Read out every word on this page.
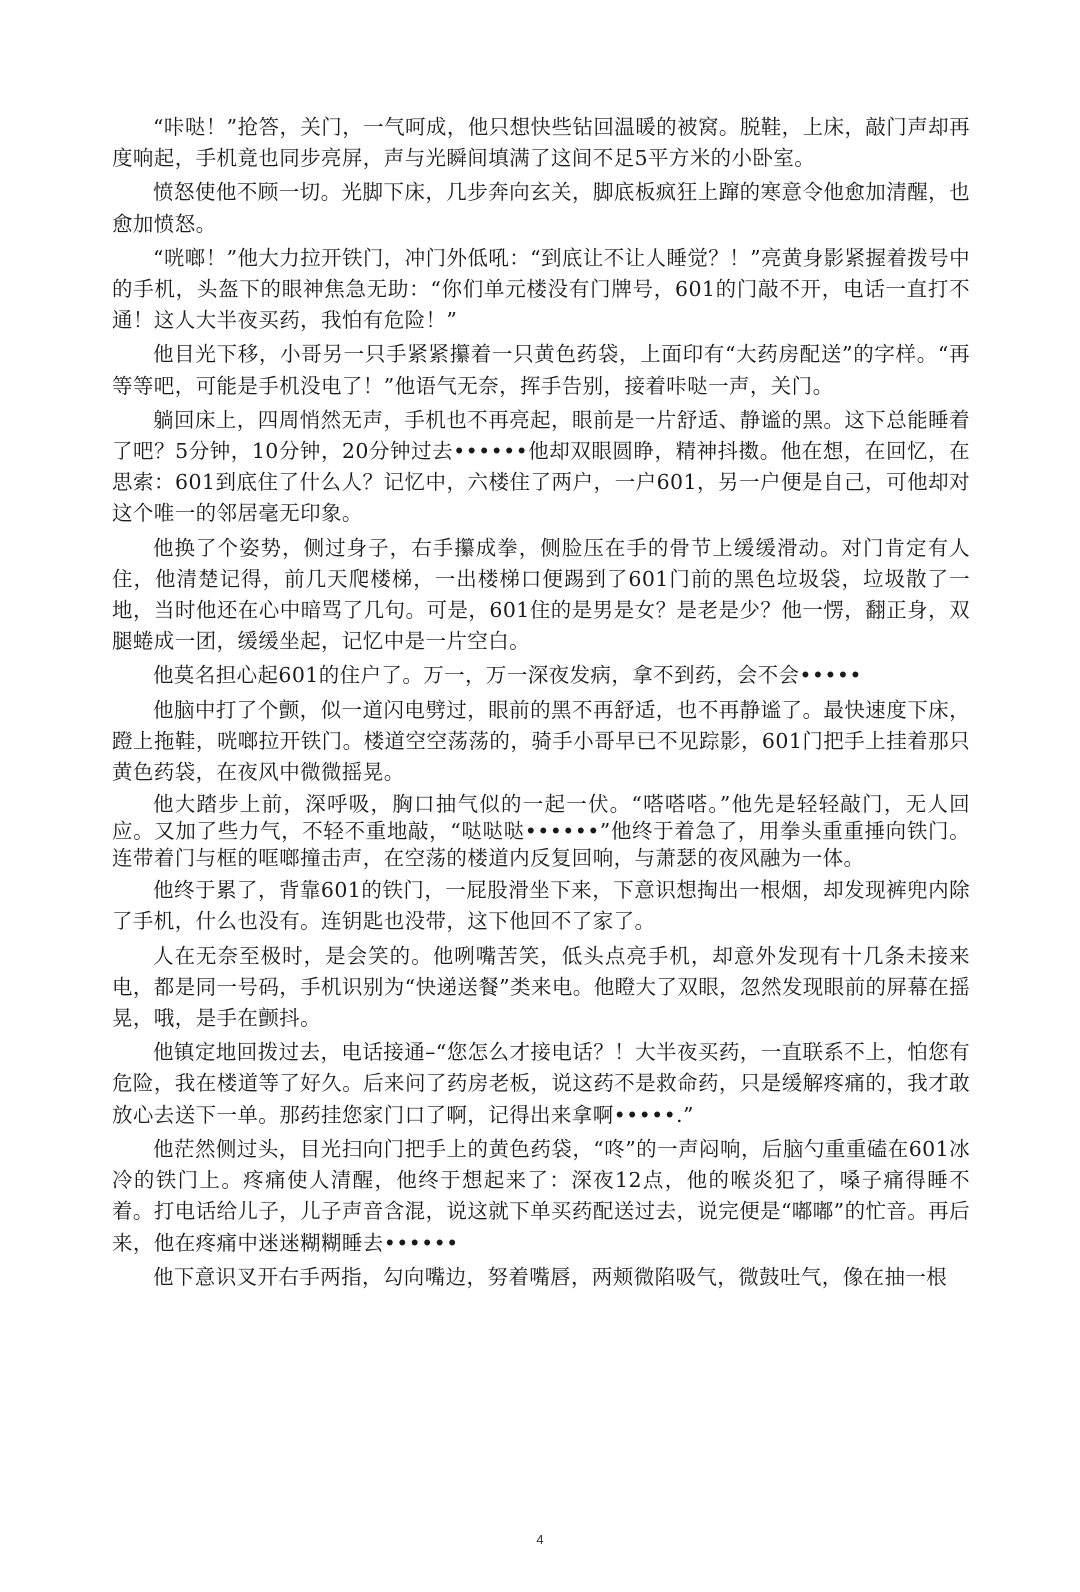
“咔哒！”抢答，关门，一气呵成，他只想快些钻回温暖的被窝。脱鞋，上床，敲门声却再度响起，手机竟也同步亮屏，声与光瞬间填满了这间不足5平方米的小卧室。

愤怒使他不顾一切。光脚下床，几步奔向玄关，脚底板疯狂上蹿的寒意令他愈加清醒，也愈加愤怒。

“咣啷！”他大力拉开铁门，冲门外低吼：“到底让不让人睡觉？！”亮黄身影紧握着拨号中的手机，头盔下的眼神焦急无助：“你们单元楼没有门牌号，601的门敲不开，电话一直打不通！这人大半夜买药，我怕有危险！”

他目光下移，小哥另一只手紧紧攥着一只黄色药袋，上面印有“大药房配送”的字样。“再等等吧，可能是手机没电了！”他语气无奈，挥手告别，接着咔哒一声，关门。

躺回床上，四周悄然无声，手机也不再亮起，眼前是一片舒适、静谧的黑。这下总能睡着了吧？5分钟，10分钟，20分钟过去••••••他却双眼圆睁，精神抖擞。他在想，在回忆，在思索：601到底住了什么人？记忆中，六楼住了两户，一户601，另一户便是自己，可他却对这个唯一的邻居毫无印象。

他换了个姿势，侧过身子，右手攥成拳，侧脸压在手的骨节上缓缓滑动。对门肯定有人住，他清楚记得，前几天爬楼梯，一出楼梯口便踢到了601门前的黑色垃圾袋，垃圾散了一地，当时他还在心中暗骂了几句。可是，601住的是男是女？是老是少？他一愣，翻正身，双腿蜷成一团，缓缓坐起，记忆中是一片空白。

他莫名担心起601的住户了。万一，万一深夜发病，拿不到药，会不会•••••

他脑中打了个颤，似一道闪电劈过，眼前的黑不再舒适，也不再静谧了。最快速度下床，蹬上拖鞋，咣啷拉开铁门。楼道空空荡荡的，骑手小哥早已不见踪影，601门把手上挂着那只黄色药袋，在夜风中微微摇晃。

他大踏步上前，深呼吸，胸口抽气似的一起一伏。“嗒嗒嗒。”他先是轻轻敲门，无人回应。又加了些力气，不轻不重地敲，“哒哒哒••••••”他终于着急了，用拳头重重捶向铁门。连带着门与框的哐啷撞击声，在空荡的楼道内反复回响，与萧瑟的夜风融为一体。

他终于累了，背靠601的铁门，一屁股滑坐下来，下意识想掏出一根烟，却发现裤兜内除了手机，什么也没有。连钥匙也没带，这下他回不了家了。

人在无奈至极时，是会笑的。他咧嘴苦笑，低头点亮手机，却意外发现有十几条未接来电，都是同一号码，手机识别为“快递送餐”类来电。他瞪大了双眼，忽然发现眼前的屏幕在摇晃，哦，是手在颤抖。

他镇定地回拨过去，电话接通–“您怎么才接电话？！大半夜买药，一直联系不上，怕您有危险，我在楼道等了好久。后来问了药房老板，说这药不是救命药，只是缓解疼痛的，我才敢放心去送下一单。那药挂您家门口了啊，记得出来拿啊•••••.”

他茫然侧过头，目光扫向门把手上的黄色药袋，“咚”的一声闷响，后脑勺重重磕在601冰冷的铁门上。疼痛使人清醒，他终于想起来了：深夜12点，他的喉炎犯了，嗓子痛得睡不着。打电话给儿子，儿子声音含混，说这就下单买药配送过去，说完便是“嘟嘟”的忙音。再后来，他在疼痛中迷迷糊糊睡去••••••

他下意识叉开右手两指，勾向嘴边，努着嘴唇，两颊微陷吸气，微鼓吐气，像在抽一根

4
